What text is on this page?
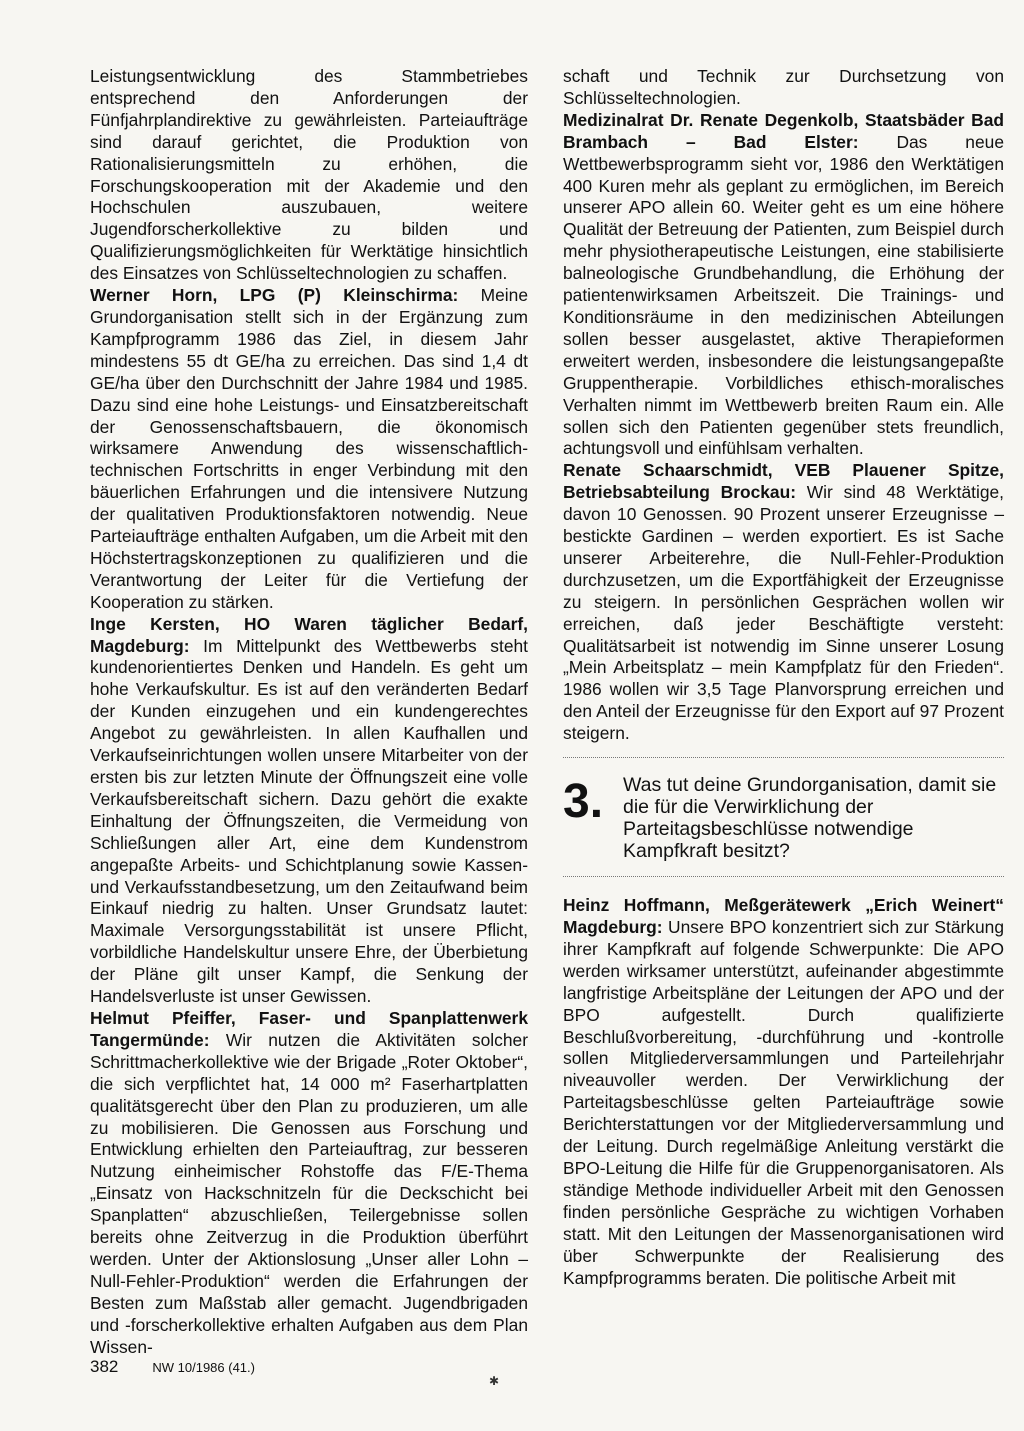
Leistungsentwicklung des Stammbetriebes entsprechend den Anforderungen der Fünfjahrplandirektive zu gewährleisten. Parteiaufträge sind darauf gerichtet, die Produktion von Rationalisierungsmitteln zu erhöhen, die Forschungskooperation mit der Akademie und den Hochschulen auszubauen, weitere Jugendforscherkollektive zu bilden und Qualifizierungsmöglichkeiten für Werktätige hinsichtlich des Einsatzes von Schlüsseltechnologien zu schaffen.

Werner Horn, LPG (P) Kleinschirma: Meine Grundorganisation stellt sich in der Ergänzung zum Kampfprogramm 1986 das Ziel, in diesem Jahr mindestens 55 dt GE/ha zu erreichen. Das sind 1,4 dt GE/ha über den Durchschnitt der Jahre 1984 und 1985. Dazu sind eine hohe Leistungs- und Einsatzbereitschaft der Genossenschaftsbauern, die ökonomisch wirksamere Anwendung des wissenschaftlich-technischen Fortschritts in enger Verbindung mit den bäuerlichen Erfahrungen und die intensivere Nutzung der qualitativen Produktionsfaktoren notwendig. Neue Parteiaufträge enthalten Aufgaben, um die Arbeit mit den Höchstertragskonzeptionen zu qualifizieren und die Verantwortung der Leiter für die Vertiefung der Kooperation zu stärken.

Inge Kersten, HO Waren täglicher Bedarf, Magdeburg: Im Mittelpunkt des Wettbewerbs steht kundenorientiertes Denken und Handeln. Es geht um hohe Verkaufskultur. Es ist auf den veränderten Bedarf der Kunden einzugehen und ein kundengerechtes Angebot zu gewährleisten. In allen Kaufhallen und Verkaufseinrichtungen wollen unsere Mitarbeiter von der ersten bis zur letzten Minute der Öffnungszeit eine volle Verkaufsbereitschaft sichern. Dazu gehört die exakte Einhaltung der Öffnungszeiten, die Vermeidung von Schließungen aller Art, eine dem Kundenstrom angepaßte Arbeits- und Schichtplanung sowie Kassen- und Verkaufsstandbesetzung, um den Zeitaufwand beim Einkauf niedrig zu halten. Unser Grundsatz lautet: Maximale Versorgungsstabilität ist unsere Pflicht, vorbildliche Handelskultur unsere Ehre, der Überbietung der Pläne gilt unser Kampf, die Senkung der Handelsverluste ist unser Gewissen.

Helmut Pfeiffer, Faser- und Spanplattenwerk Tangermünde: Wir nutzen die Aktivitäten solcher Schrittmacherkollektive wie der Brigade „Roter Oktober“, die sich verpflichtet hat, 14 000 m² Faserhartplatten qualitätsgerecht über den Plan zu produzieren, um alle zu mobilisieren. Die Genossen aus Forschung und Entwicklung erhielten den Parteiauftrag, zur besseren Nutzung einheimischer Rohstoffe das F/E-Thema „Einsatz von Hackschnitzeln für die Deckschicht bei Spanplatten“ abzuschließen, Teilergebnisse sollen bereits ohne Zeitverzug in die Produktion überführt werden. Unter der Aktionslosung „Unser aller Lohn – Null-Fehler-Produktion“ werden die Erfahrungen der Besten zum Maßstab aller gemacht. Jugendbrigaden und -forscherkollektive erhalten Aufgaben aus dem Plan Wissen-

schaft und Technik zur Durchsetzung von Schlüsseltechnologien.

Medizinalrat Dr. Renate Degenkolb, Staatsbäder Bad Brambach – Bad Elster: Das neue Wettbewerbsprogramm sieht vor, 1986 den Werktätigen 400 Kuren mehr als geplant zu ermöglichen, im Bereich unserer APO allein 60. Weiter geht es um eine höhere Qualität der Betreuung der Patienten, zum Beispiel durch mehr physiotherapeutische Leistungen, eine stabilisierte balneologische Grundbehandlung, die Erhöhung der patientenwirksamen Arbeitszeit. Die Trainings- und Konditionsräume in den medizinischen Abteilungen sollen besser ausgelastet, aktive Therapieformen erweitert werden, insbesondere die leistungsangepaßte Gruppentherapie. Vorbildliches ethisch-moralisches Verhalten nimmt im Wettbewerb breiten Raum ein. Alle sollen sich den Patienten gegenüber stets freundlich, achtungsvoll und einfühlsam verhalten.

Renate Schaarschmidt, VEB Plauener Spitze, Betriebsabteilung Brockau: Wir sind 48 Werktätige, davon 10 Genossen. 90 Prozent unserer Erzeugnisse – bestickte Gardinen – werden exportiert. Es ist Sache unserer Arbeiterehre, die Null-Fehler-Produktion durchzusetzen, um die Exportfähigkeit der Erzeugnisse zu steigern. In persönlichen Gesprächen wollen wir erreichen, daß jeder Beschäftigte versteht: Qualitätsarbeit ist notwendig im Sinne unserer Losung „Mein Arbeitsplatz – mein Kampfplatz für den Frieden“. 1986 wollen wir 3,5 Tage Planvorsprung erreichen und den Anteil der Erzeugnisse für den Export auf 97 Prozent steigern.

3.	Was tut deine Grundorganisation, damit sie die für die Verwirklichung der Parteitagsbeschlüsse notwendige Kampfkraft besitzt?

Heinz Hoffmann, Meßgerätewerk „Erich Weinert“ Magdeburg: Unsere BPO konzentriert sich zur Stärkung ihrer Kampfkraft auf folgende Schwerpunkte: Die APO werden wirksamer unterstützt, aufeinander abgestimmte langfristige Arbeitspläne der Leitungen der APO und der BPO aufgestellt. Durch qualifizierte Beschlußvorbereitung, -durchführung und -kontrolle sollen Mitgliederversammlungen und Parteilehrjahr niveauvoller werden. Der Verwirklichung der Parteitagsbeschlüsse gelten Parteiaufträge sowie Berichterstattungen vor der Mitgliederversammlung und der Leitung. Durch regelmäßige Anleitung verstärkt die BPO-Leitung die Hilfe für die Gruppenorganisatoren. Als ständige Methode individueller Arbeit mit den Genossen finden persönliche Gespräche zu wichtigen Vorhaben statt. Mit den Leitungen der Massenorganisationen wird über Schwerpunkte der Realisierung des Kampfprogramms beraten. Die politische Arbeit mit

382	NW 10/1986 (41.)
✱
